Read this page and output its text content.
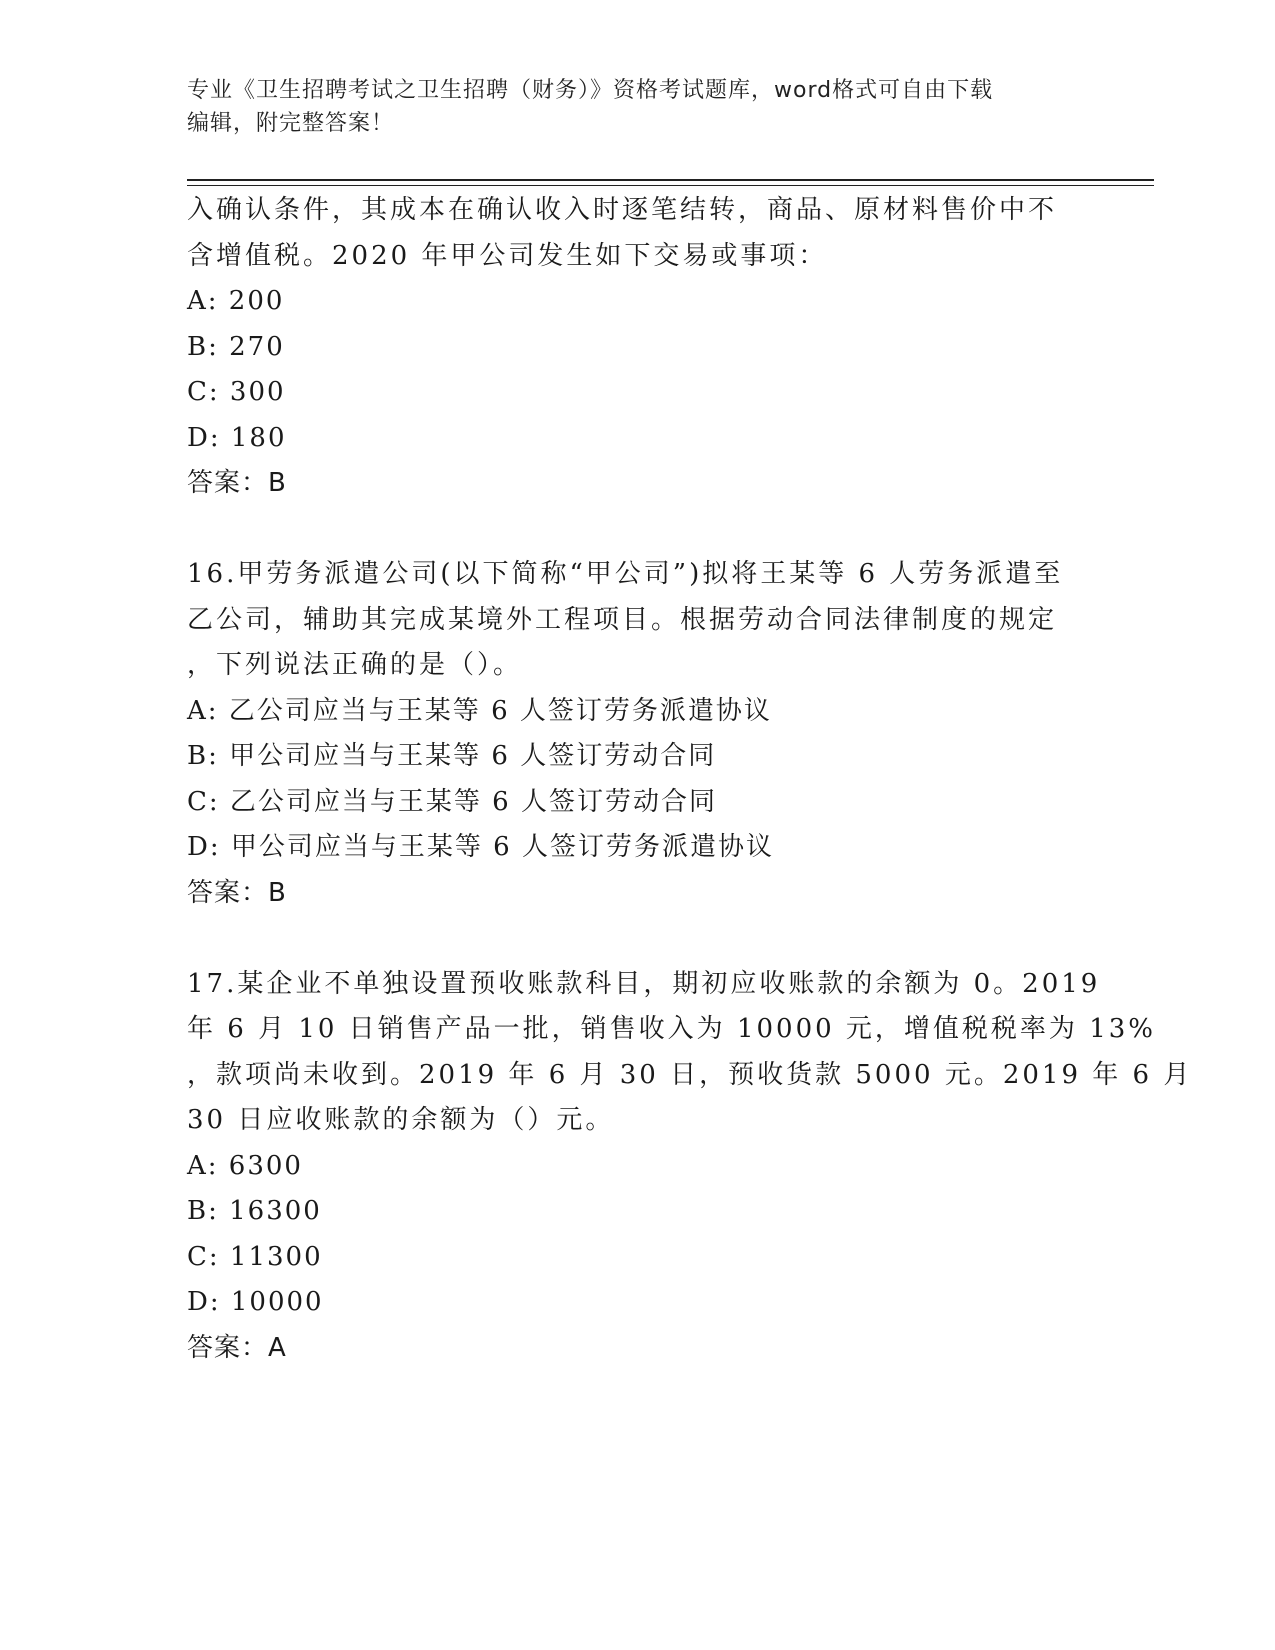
专业《卫生招聘考试之卫生招聘（财务）》资格考试题库，word格式可自由下载
编辑，附完整答案！
入确认条件，其成本在确认收入时逐笔结转，商品、原材料售价中不
含增值税。2020 年甲公司发生如下交易或事项：
A: 200
B: 270
C: 300
D: 180
答案：B
16.甲劳务派遣公司(以下简称“甲公司”)拟将王某等 6 人劳务派遣至
乙公司，辅助其完成某境外工程项目。根据劳动合同法律制度的规定
，下列说法正确的是（）。
A: 乙公司应当与王某等 6 人签订劳务派遣协议
B: 甲公司应当与王某等 6 人签订劳动合同
C: 乙公司应当与王某等 6 人签订劳动合同
D: 甲公司应当与王某等 6 人签订劳务派遣协议
答案：B
17.某企业不单独设置预收账款科目，期初应收账款的余额为 0。2019
年 6 月 10 日销售产品一批，销售收入为 10000 元，增值税税率为 13%
，款项尚未收到。2019 年 6 月 30 日，预收货款 5000 元。2019 年 6 月
30 日应收账款的余额为（）元。
A: 6300
B: 16300
C: 11300
D: 10000
答案：A
